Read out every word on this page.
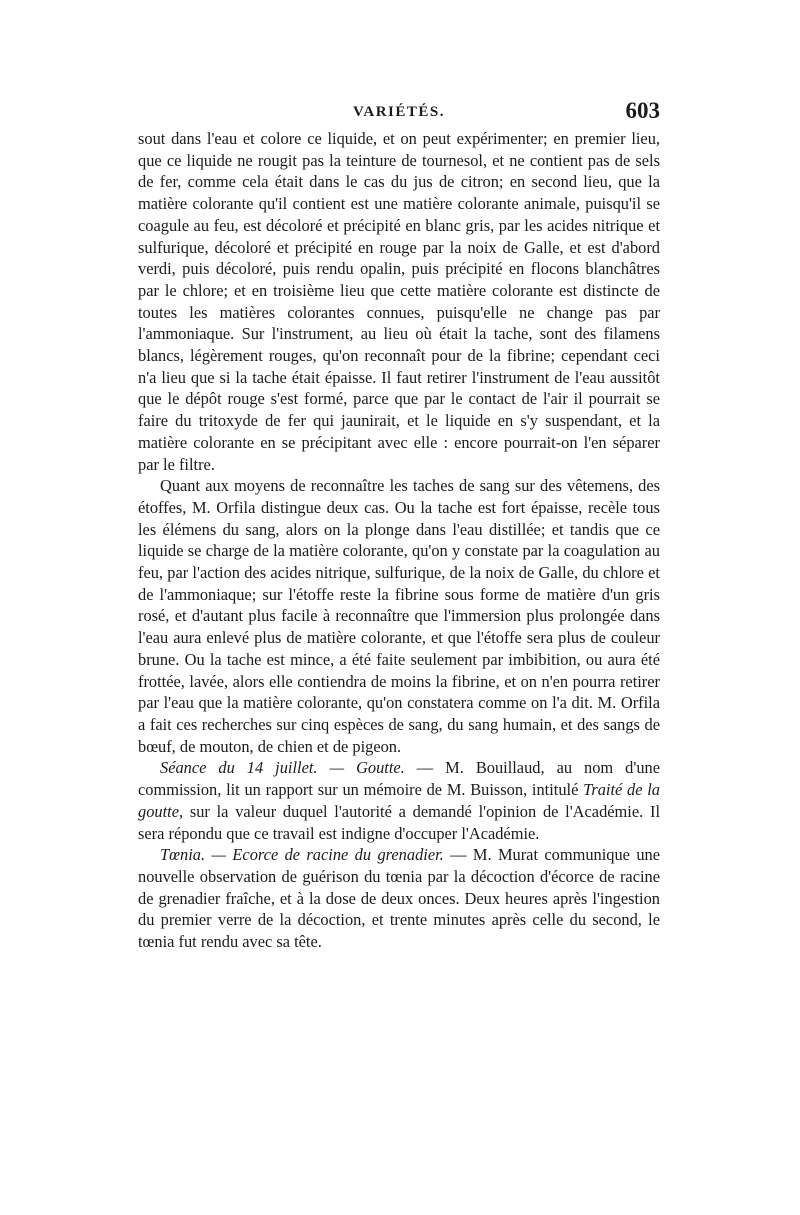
VARIÉTÉS.	603

sout dans l'eau et colore ce liquide, et on peut expérimenter; en premier lieu, que ce liquide ne rougit pas la teinture de tournesol, et ne contient pas de sels de fer, comme cela était dans le cas du jus de citron; en second lieu, que la matière colorante qu'il contient est une matière colorante animale, puisqu'il se coagule au feu, est décoloré et précipité en blanc gris, par les acides nitrique et sulfurique, décoloré et précipité en rouge par la noix de Galle, et est d'abord verdi, puis décoloré, puis rendu opalin, puis précipité en flocons blanchâtres par le chlore; et en troisième lieu que cette matière colorante est distincte de toutes les matières colorantes connues, puisqu'elle ne change pas par l'ammoniaque. Sur l'instrument, au lieu où était la tache, sont des filamens blancs, légèrement rouges, qu'on reconnaît pour de la fibrine; cependant ceci n'a lieu que si la tache était épaisse. Il faut retirer l'instrument de l'eau aussitôt que le dépôt rouge s'est formé, parce que par le contact de l'air il pourrait se faire du tritoxyde de fer qui jaunirait, et le liquide en s'y suspendant, et la matière colorante en se précipitant avec elle : encore pourrait-on l'en séparer par le filtre.

Quant aux moyens de reconnaître les taches de sang sur des vêtemens, des étoffes, M. Orfila distingue deux cas. Ou la tache est fort épaisse, recèle tous les élémens du sang, alors on la plonge dans l'eau distillée; et tandis que ce liquide se charge de la matière colorante, qu'on y constate par la coagulation au feu, par l'action des acides nitrique, sulfurique, de la noix de Galle, du chlore et de l'ammoniaque; sur l'étoffe reste la fibrine sous forme de matière d'un gris rosé, et d'autant plus facile à reconnaître que l'immersion plus prolongée dans l'eau aura enlevé plus de matière colorante, et que l'étoffe sera plus de couleur brune. Ou la tache est mince, a été faite seulement par imbibition, ou aura été frottée, lavée, alors elle contiendra de moins la fibrine, et on n'en pourra retirer par l'eau que la matière colorante, qu'on constatera comme on l'a dit. M. Orfila a fait ces recherches sur cinq espèces de sang, du sang humain, et des sangs de bœuf, de mouton, de chien et de pigeon.

Séance du 14 juillet. — Goutte. — M. Bouillaud, au nom d'une commission, lit un rapport sur un mémoire de M. Buisson, intitulé Traité de la goutte, sur la valeur duquel l'autorité a demandé l'opinion de l'Académie. Il sera répondu que ce travail est indigne d'occuper l'Académie.

Tœnia. — Ecorce de racine du grenadier. — M. Murat communique une nouvelle observation de guérison du tœnia par la décoction d'écorce de racine de grenadier fraîche, et à la dose de deux onces. Deux heures après l'ingestion du premier verre de la décoction, et trente minutes après celle du second, le tœnia fut rendu avec sa tête.
